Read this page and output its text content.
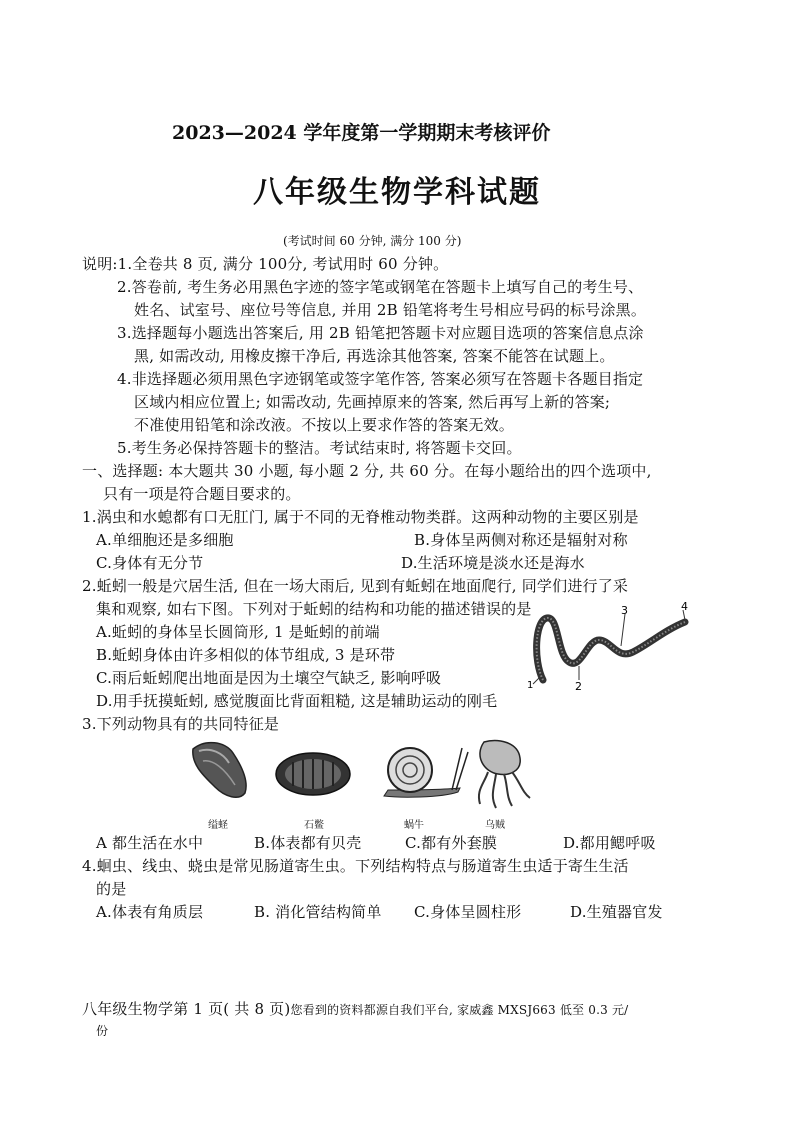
2023—2024 学年度第一学期期末考核评价
八年级生物学科试题
(考试时间 60 分钟, 满分 100 分)
说明:1.全卷共 8 页, 满分 100分, 考试用时 60 分钟。
2.答卷前, 考生务必用黑色字迹的签字笔或钢笔在答题卡上填写自己的考生号、
姓名、试室号、座位号等信息, 并用 2B 铅笔将考生号相应号码的标号涂黑。
3.选择题每小题选出答案后, 用 2B 铅笔把答题卡对应题目选项的答案信息点涂
黑, 如需改动, 用橡皮擦干净后, 再选涂其他答案, 答案不能答在试题上。
4.非选择题必须用黑色字迹钢笔或签字笔作答, 答案必须写在答题卡各题目指定
区域内相应位置上; 如需改动, 先画掉原来的答案, 然后再写上新的答案;
不准使用铅笔和涂改液。不按以上要求作答的答案无效。
5.考生务必保持答题卡的整洁。考试结束时, 将答题卡交回。
一、选择题: 本大题共 30 小题, 每小题 2 分, 共 60 分。在每小题给出的四个选项中,
只有一项是符合题目要求的。
1.涡虫和水螅都有口无肛门, 属于不同的无脊椎动物类群。这两种动物的主要区别是
A.单细胞还是多细胞	B.身体呈两侧对称还是辐射对称
C.身体有无分节	D.生活环境是淡水还是海水
2.蚯蚓一般是穴居生活, 但在一场大雨后, 见到有蚯蚓在地面爬行, 同学们进行了采
集和观察, 如右下图。下列对于蚯蚓的结构和功能的描述错误的是
A.蚯蚓的身体呈长圆筒形, 1 是蚯蚓的前端
B.蚯蚓身体由许多相似的体节组成, 3 是环带
C.雨后蚯蚓爬出地面是因为土壤空气缺乏, 影响呼吸
D.用手抚摸蚯蚓, 感觉腹面比背面粗糙, 这是辅助运动的刚毛
1	2
3	4
3.下列动物具有的共同特征是
缢蛏	石鳖	蜗牛	乌贼
A 都生活在水中	B.体表都有贝壳	C.都有外套膜	D.都用鳃呼吸
4.蛔虫、线虫、蛲虫是常见肠道寄生虫。下列结构特点与肠道寄生虫适于寄生生活
的是
A.体表有角质层	B. 消化管结构简单 C.身体呈圆柱形	D.生殖器官发
八年级生物学第 1 页( 共 8 页)您看到的资料都源自我们平台, 家威鑫 MXSJ663 低至 0.3 元/
份
